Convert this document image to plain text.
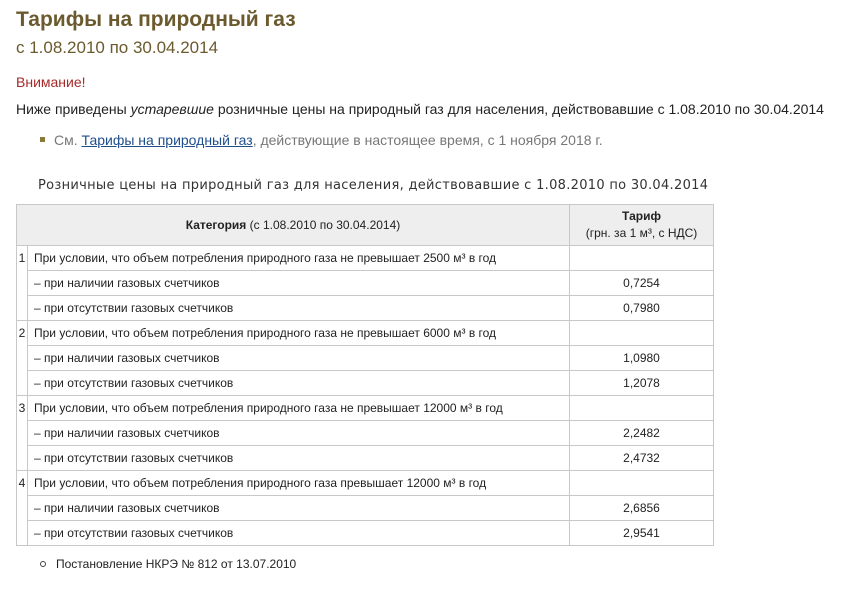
Тарифы на природный газ
с 1.08.2010 по 30.04.2014
Внимание!
Ниже приведены устаревшие розничные цены на природный газ для населения, действовавшие с 1.08.2010 по 30.04.2014
См. Тарифы на природный газ, действующие в настоящее время, с 1 ноября 2018 г.
Розничные цены на природный газ для населения, действовавшие с 1.08.2010 по 30.04.2014
Категория (с 1.08.2010 по 30.04.2014)		Тариф
(грн. за 1 м³, с НДС)
1	При условии, что объем потребления природного газа не превышает 2500 м³ в год	
	– при наличии газовых счетчиков	0,7254
	– при отсутствии газовых счетчиков	0,7980
2	При условии, что объем потребления природного газа не превышает 6000 м³ в год	
	– при наличии газовых счетчиков	1,0980
	– при отсутствии газовых счетчиков	1,2078
3	При условии, что объем потребления природного газа не превышает 12000 м³ в год	
	– при наличии газовых счетчиков	2,2482
	– при отсутствии газовых счетчиков	2,4732
4	При условии, что объем потребления природного газа превышает 12000 м³ в год	
	– при наличии газовых счетчиков	2,6856
	– при отсутствии газовых счетчиков	2,9541
Постановление НКРЭ № 812 от 13.07.2010
